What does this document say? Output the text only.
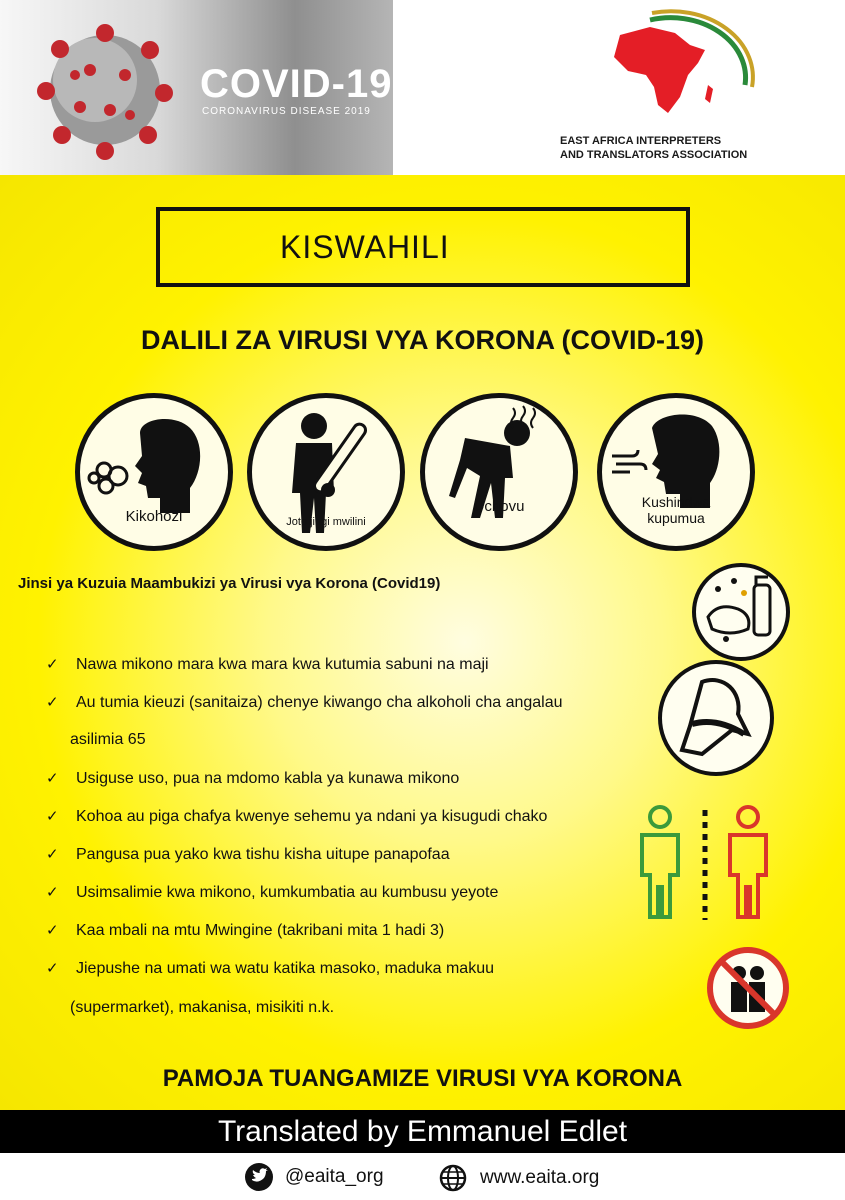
COVID-19
CORONAVIRUS DISEASE 2019
EAST AFRICA INTERPRETERS
AND TRANSLATORS ASSOCIATION
KISWAHILI
DALILI ZA VIRUSI VYA KORONA (COVID-19)
Kikohozi	Joto jingi mwilini
Uchovu	Kushindwa
kupumua
Jinsi ya Kuzuia Maambukizi ya Virusi vya Korona (Covid19)
✓ Nawa mikono mara kwa mara kwa kutumia sabuni na maji
✓ Au tumia kieuzi (sanitaiza) chenye kiwango cha alkoholi cha angalau
asilimia 65
✓ Usiguse uso, pua na mdomo kabla ya kunawa mikono
✓ Kohoa au piga chafya kwenye sehemu ya ndani ya kisugudi chako
✓ Pangusa pua yako kwa tishu kisha uitupe panapofaa
✓ Usimsalimie kwa mikono, kumkumbatia au kumbusu yeyote
✓ Kaa mbali na mtu Mwingine (takribani mita 1 hadi 3)
✓ Jiepushe na umati wa watu katika masoko, maduka makuu
(supermarket), makanisa, misikiti n.k.
PAMOJA TUANGAMIZE VIRUSI VYA KORONA
Translated by Emmanuel Edlet
@eaita_org	www.eaita.org
